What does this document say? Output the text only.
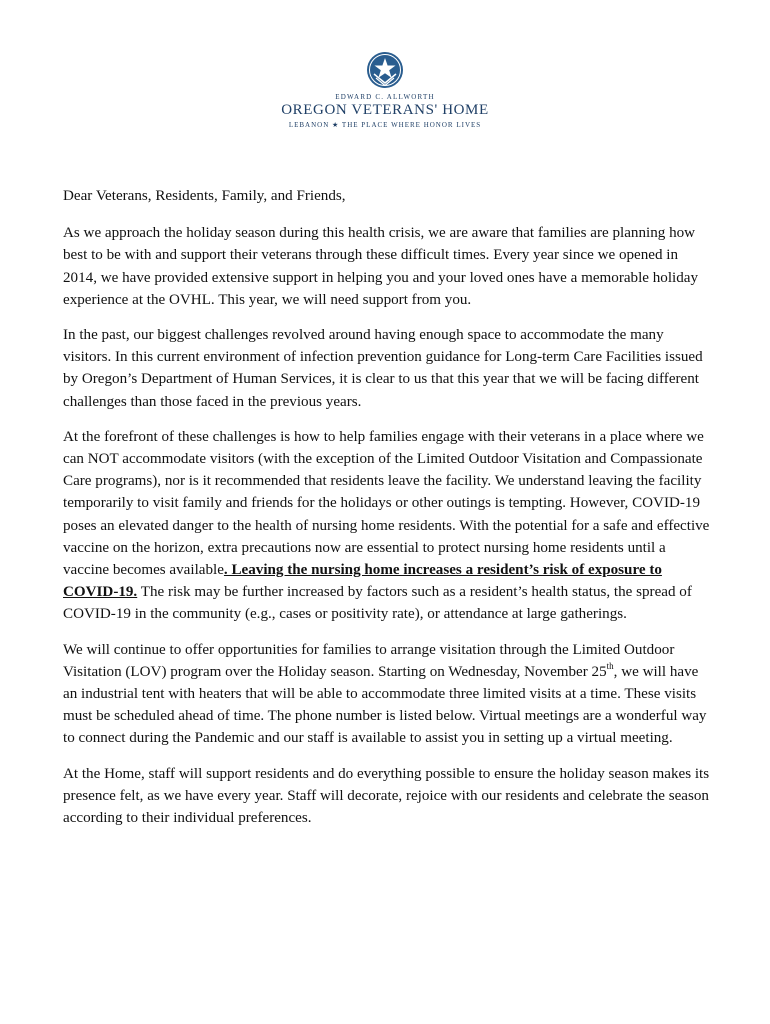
EDWARD C. ALLWORTH
OREGON VETERANS' HOME
LEBANON ★ THE PLACE WHERE HONOR LIVES

Dear Veterans, Residents, Family, and Friends,

As we approach the holiday season during this health crisis, we are aware that families are planning how best to be with and support their veterans through these difficult times. Every year since we opened in 2014, we have provided extensive support in helping you and your loved ones have a memorable holiday experience at the OVHL. This year, we will need support from you.

In the past, our biggest challenges revolved around having enough space to accommodate the many visitors. In this current environment of infection prevention guidance for Long-term Care Facilities issued by Oregon’s Department of Human Services, it is clear to us that this year that we will be facing different challenges than those faced in the previous years.

At the forefront of these challenges is how to help families engage with their veterans in a place where we can NOT accommodate visitors (with the exception of the Limited Outdoor Visitation and Compassionate Care programs), nor is it recommended that residents leave the facility. We understand leaving the facility temporarily to visit family and friends for the holidays or other outings is tempting. However, COVID-19 poses an elevated danger to the health of nursing home residents. With the potential for a safe and effective vaccine on the horizon, extra precautions now are essential to protect nursing home residents until a vaccine becomes available. Leaving the nursing home increases a resident’s risk of exposure to COVID-19. The risk may be further increased by factors such as a resident’s health status, the spread of COVID-19 in the community (e.g., cases or positivity rate), or attendance at large gatherings.

We will continue to offer opportunities for families to arrange visitation through the Limited Outdoor Visitation (LOV) program over the Holiday season. Starting on Wednesday, November 25th, we will have an industrial tent with heaters that will be able to accommodate three limited visits at a time. These visits must be scheduled ahead of time. The phone number is listed below. Virtual meetings are a wonderful way to connect during the Pandemic and our staff is available to assist you in setting up a virtual meeting.

At the Home, staff will support residents and do everything possible to ensure the holiday season makes its presence felt, as we have every year. Staff will decorate, rejoice with our residents and celebrate the season according to their individual preferences.
